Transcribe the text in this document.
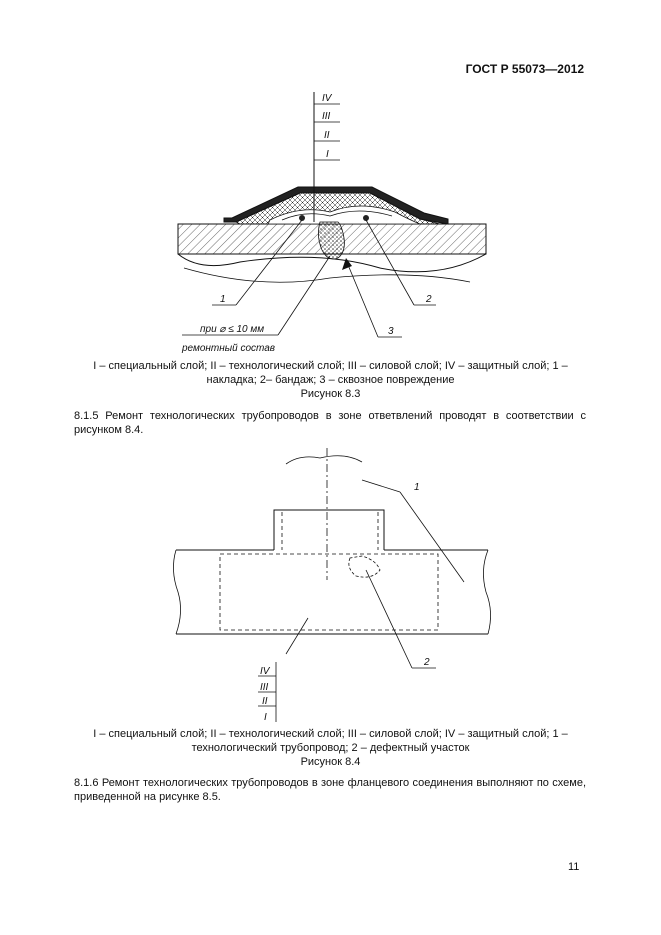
ГОСТ Р 55073—2012
IV
III
II
I
1	2
3
при ⌀ ≤ 10 мм
ремонтный состав
I – специальный слой; II – технологический слой; III – силовой слой; IV – защитный слой; 1 –
накладка; 2– бандаж; 3 – сквозное повреждение
Рисунок 8.3
8.1.5 Ремонт технологических трубопроводов в зоне ответвлений проводят в соответствии с рисунком 8.4.
1
2
IV
III
II
I
I – специальный слой; II – технологический слой; III – силовой слой; IV – защитный слой; 1 –
технологический трубопровод; 2 – дефектный участок
Рисунок 8.4
8.1.6 Ремонт технологических трубопроводов в зоне фланцевого соединения выполняют по схеме, приведенной на рисунке 8.5.
11
